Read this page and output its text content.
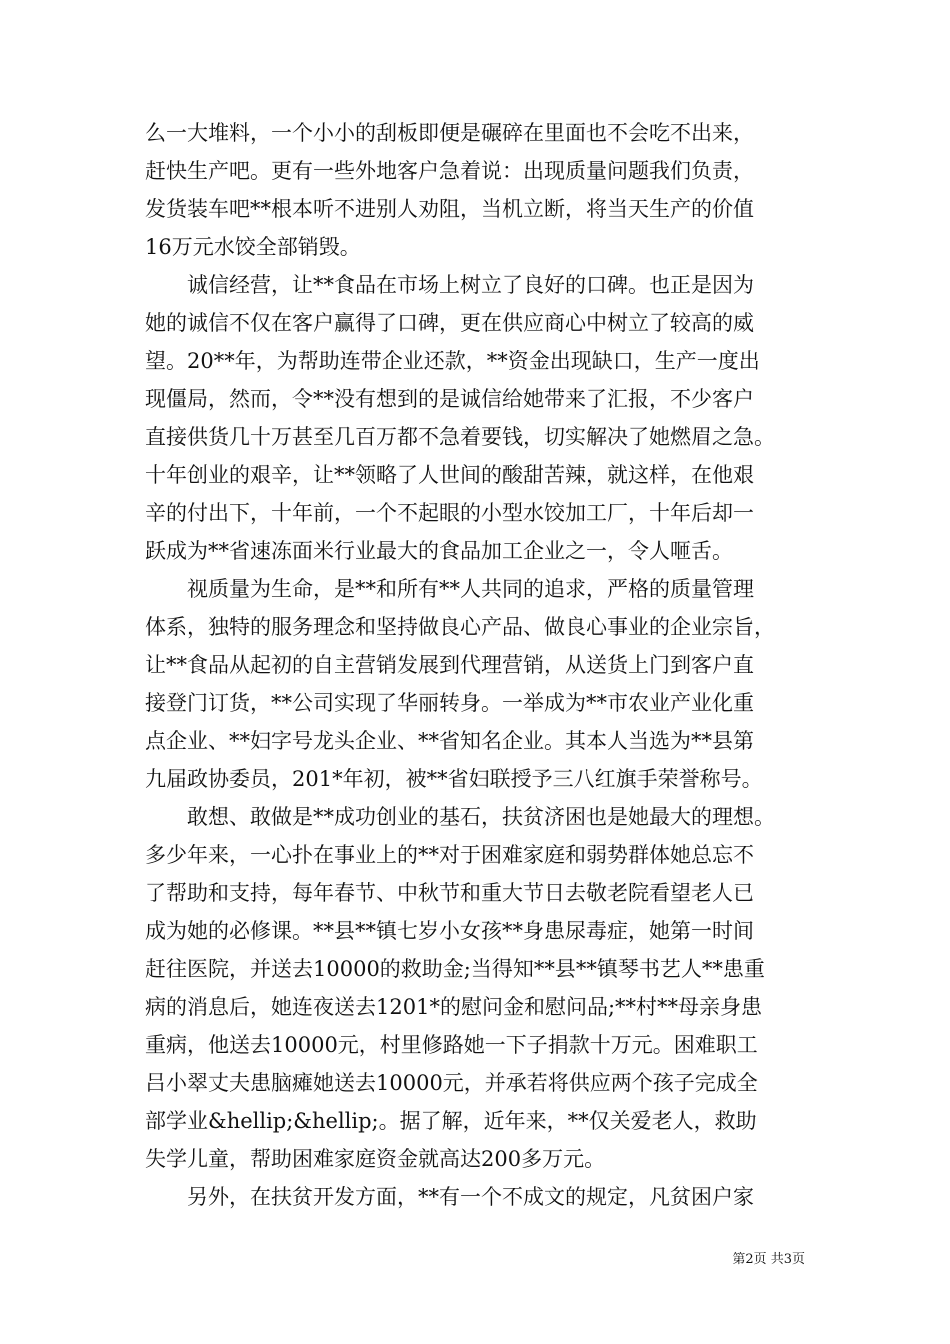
么一大堆料，一个小小的刮板即便是碾碎在里面也不会吃不出来，
赶快生产吧。更有一些外地客户急着说：出现质量问题我们负责，
发货装车吧**根本听不进别人劝阻，当机立断，将当天生产的价值
16万元水饺全部销毁。
诚信经营，让**食品在市场上树立了良好的口碑。也正是因为
她的诚信不仅在客户赢得了口碑，更在供应商心中树立了较高的威
望。20**年，为帮助连带企业还款，**资金出现缺口，生产一度出
现僵局，然而，令**没有想到的是诚信给她带来了汇报，不少客户
直接供货几十万甚至几百万都不急着要钱，切实解决了她燃眉之急。
十年创业的艰辛，让**领略了人世间的酸甜苦辣，就这样，在他艰
辛的付出下，十年前，一个不起眼的小型水饺加工厂，十年后却一
跃成为**省速冻面米行业最大的食品加工企业之一，令人咂舌。
视质量为生命，是**和所有**人共同的追求，严格的质量管理
体系，独特的服务理念和坚持做良心产品、做良心事业的企业宗旨，
让**食品从起初的自主营销发展到代理营销，从送货上门到客户直
接登门订货，**公司实现了华丽转身。一举成为**市农业产业化重
点企业、**妇字号龙头企业、**省知名企业。其本人当选为**县第
九届政协委员，201*年初，被**省妇联授予三八红旗手荣誉称号。
敢想、敢做是**成功创业的基石，扶贫济困也是她最大的理想。
多少年来，一心扑在事业上的**对于困难家庭和弱势群体她总忘不
了帮助和支持，每年春节、中秋节和重大节日去敬老院看望老人已
成为她的必修课。**县**镇七岁小女孩**身患尿毒症，她第一时间
赶往医院，并送去10000的救助金;当得知**县**镇琴书艺人**患重
病的消息后，她连夜送去1201*的慰问金和慰问品;**村**母亲身患
重病，他送去10000元，村里修路她一下子捐款十万元。困难职工
吕小翠丈夫患脑瘫她送去10000元，并承若将供应两个孩子完成全
部学业&hellip;&hellip;。据了解，近年来，**仅关爱老人，救助
失学儿童，帮助困难家庭资金就高达200多万元。
另外，在扶贫开发方面，**有一个不成文的规定，凡贫困户家
第2页 共3页
